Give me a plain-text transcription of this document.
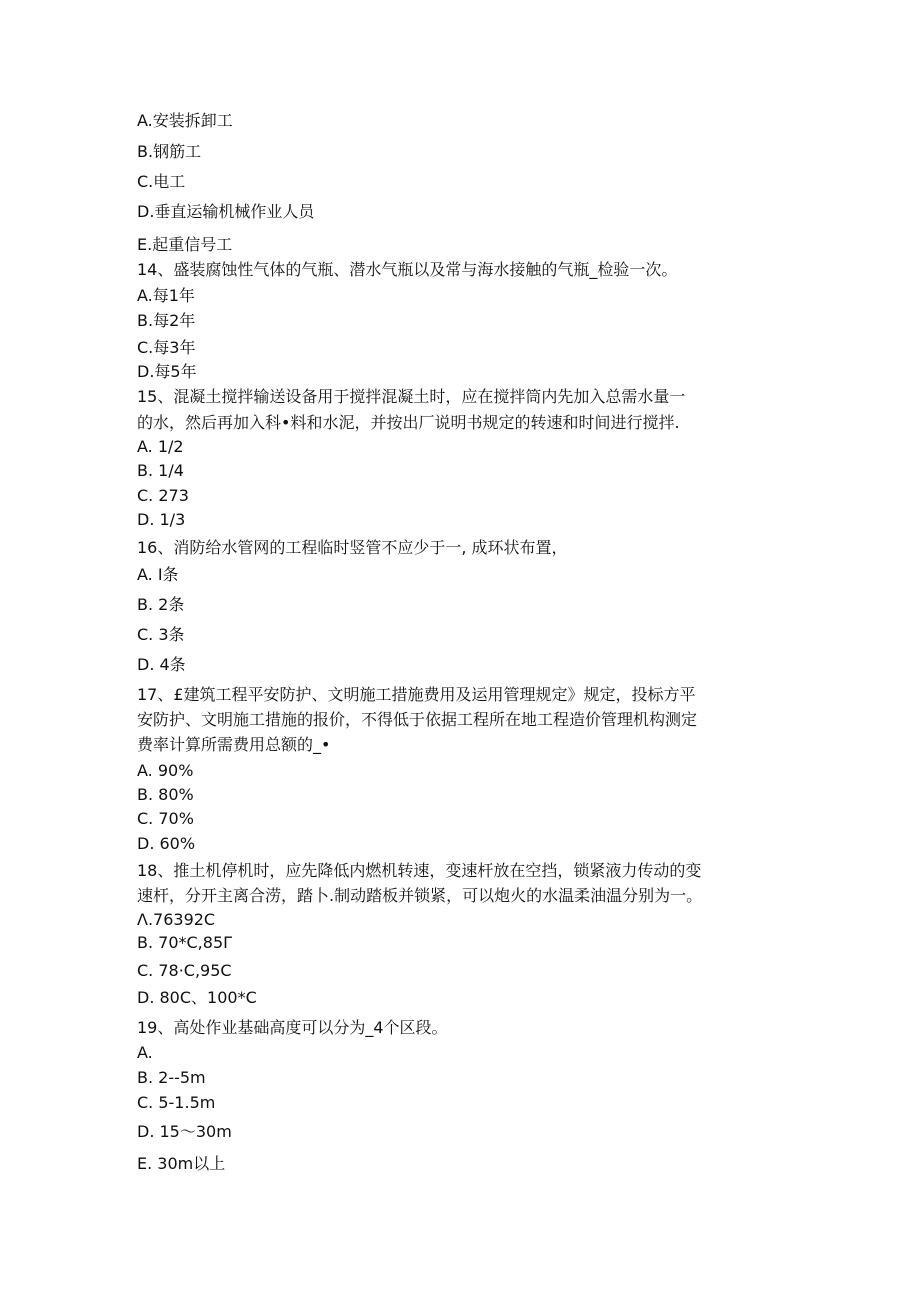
A.安装拆卸工
B.钢筋工
C.电工
D.垂直运输机械作业人员
E.起重信号工
14、盛装腐蚀性气体的气瓶、潜水气瓶以及常与海水接触的气瓶_检验一次。
A.每1年
B.每2年
C.每3年
D.每5年
15、混凝土搅拌输送设备用于搅拌混凝土时，应在搅拌筒内先加入总需水量一
的水，然后再加入科•料和水泥，并按出厂说明书规定的转速和时间进行搅拌.
A. 1/2
B. 1/4
C. 273
D. 1/3
16、消防给水管网的工程临时竖管不应少于一, 成环状布置，
A. I条
B. 2条
C. 3条
D. 4条
17、£建筑工程平安防护、文明施工措施费用及运用管理规定》规定，投标方平
安防护、文明施工措施的报价，不得低于依据工程所在地工程造价管理机构测定
费率计算所需费用总额的_•
A. 90%
B. 80%
C. 70%
D. 60%
18、推土机停机时，应先降低内燃机转速，变速杆放在空挡，锁紧液力传动的变
速杆，分开主离合涝，踏卜.制动踏板并锁紧，可以炮火的水温柔油温分别为一。
Λ.76392C
B. 70*C,85Γ
C. 78·C,95C
D. 80C、100*C
19、高处作业基础高度可以分为_4个区段。
A.
B. 2--5m
C. 5-1.5m
D. 15～30m
E. 30m以上
